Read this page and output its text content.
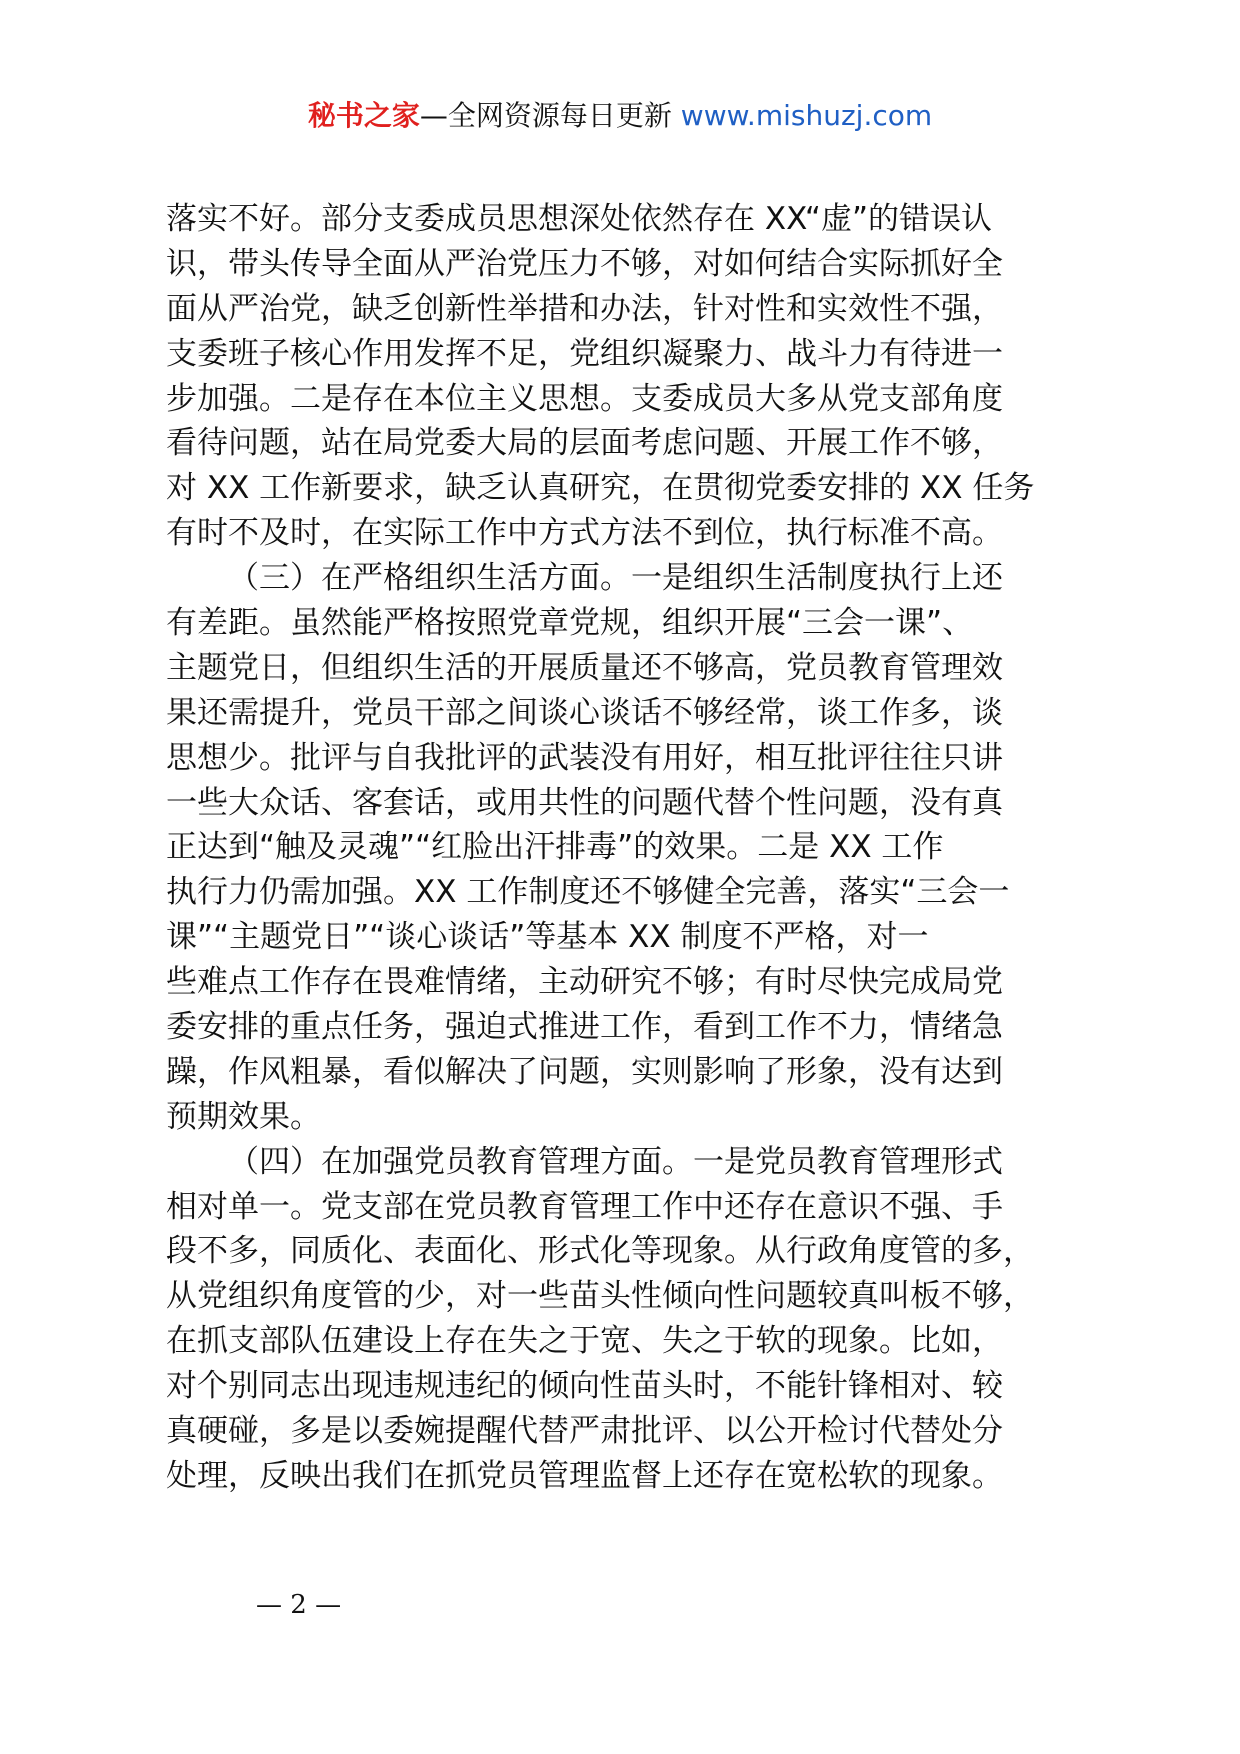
秘书之家—全网资源每日更新 www.mishuzj.com
落实不好。部分支委成员思想深处依然存在 XX“虚”的错误认
识，带头传导全面从严治党压力不够，对如何结合实际抓好全
面从严治党，缺乏创新性举措和办法，针对性和实效性不强，
支委班子核心作用发挥不足，党组织凝聚力、战斗力有待进一
步加强。二是存在本位主义思想。支委成员大多从党支部角度
看待问题，站在局党委大局的层面考虑问题、开展工作不够，
对 XX 工作新要求，缺乏认真研究，在贯彻党委安排的 XX 任务
有时不及时，在实际工作中方式方法不到位，执行标准不高。
（三）在严格组织生活方面。一是组织生活制度执行上还
有差距。虽然能严格按照党章党规，组织开展“三会一课”、
主题党日，但组织生活的开展质量还不够高，党员教育管理效
果还需提升，党员干部之间谈心谈话不够经常，谈工作多，谈
思想少。批评与自我批评的武装没有用好，相互批评往往只讲
一些大众话、客套话，或用共性的问题代替个性问题，没有真
正达到“触及灵魂”“红脸出汗排毒”的效果。二是 XX 工作
执行力仍需加强。XX 工作制度还不够健全完善，落实“三会一
课”“主题党日”“谈心谈话”等基本 XX 制度不严格，对一
些难点工作存在畏难情绪，主动研究不够；有时尽快完成局党
委安排的重点任务，强迫式推进工作，看到工作不力，情绪急
躁，作风粗暴，看似解决了问题，实则影响了形象，没有达到
预期效果。
（四）在加强党员教育管理方面。一是党员教育管理形式
相对单一。党支部在党员教育管理工作中还存在意识不强、手
段不多，同质化、表面化、形式化等现象。从行政角度管的多，
从党组织角度管的少，对一些苗头性倾向性问题较真叫板不够，
在抓支部队伍建设上存在失之于宽、失之于软的现象。比如，
对个别同志出现违规违纪的倾向性苗头时，不能针锋相对、较
真硬碰，多是以委婉提醒代替严肃批评、以公开检讨代替处分
处理，反映出我们在抓党员管理监督上还存在宽松软的现象。
— 2 —
